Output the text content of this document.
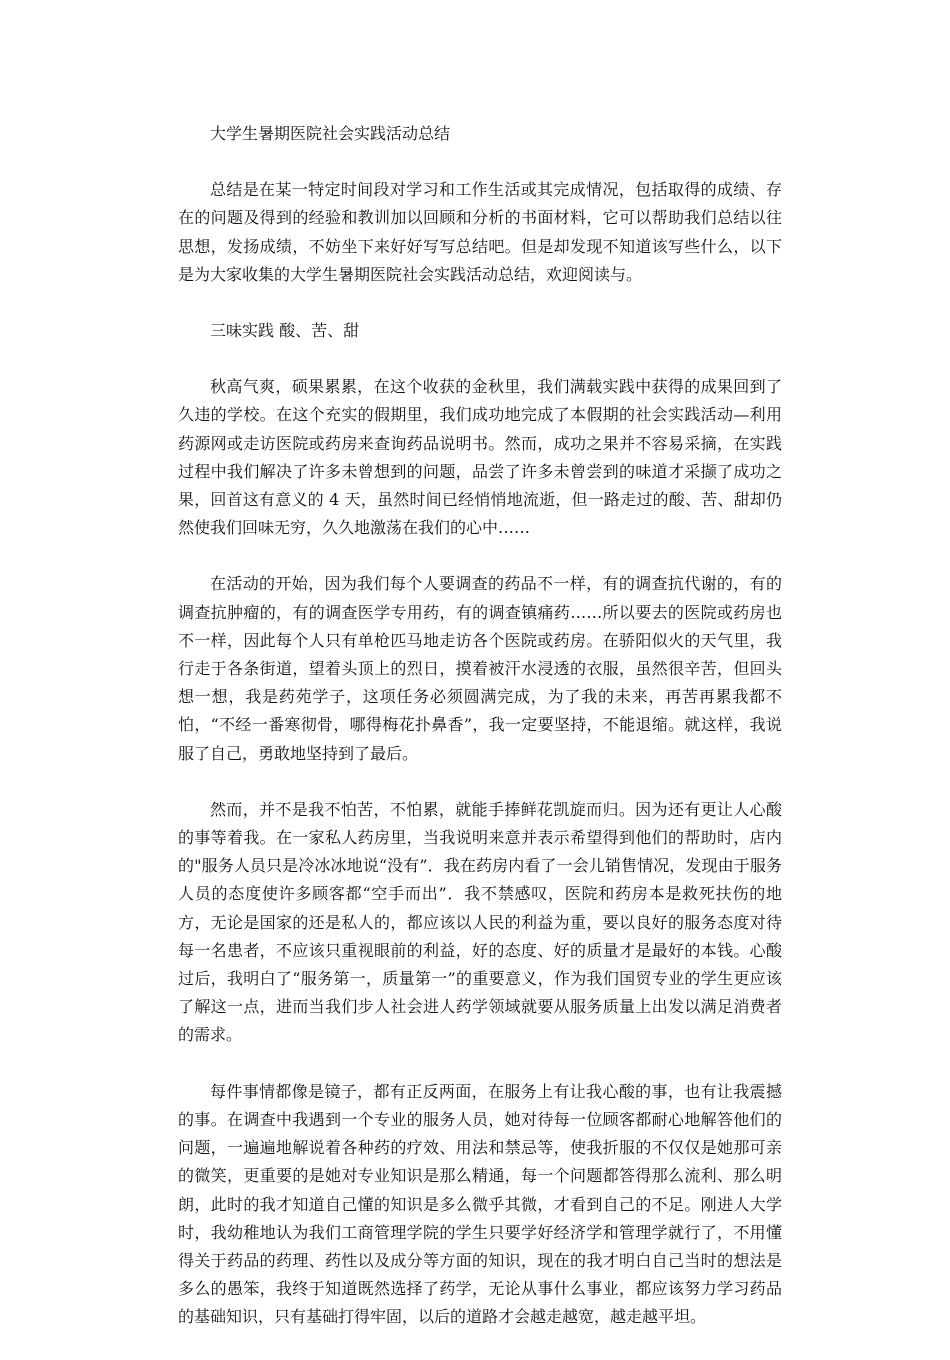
大学生暑期医院社会实践活动总结

总结是在某一特定时间段对学习和工作生活或其完成情况，包括取得的成绩、存在的问题及得到的经验和教训加以回顾和分析的书面材料，它可以帮助我们总结以往思想，发扬成绩，不妨坐下来好好写写总结吧。但是却发现不知道该写些什么，以下是为大家收集的大学生暑期医院社会实践活动总结，欢迎阅读与。

三味实践 酸、苦、甜

秋高气爽，硕果累累，在这个收获的金秋里，我们满载实践中获得的成果回到了久违的学校。在这个充实的假期里，我们成功地完成了本假期的社会实践活动—利用药源网或走访医院或药房来查询药品说明书。然而，成功之果并不容易采摘，在实践过程中我们解决了许多未曾想到的问题，品尝了许多未曾尝到的味道才采撷了成功之果，回首这有意义的 4 天，虽然时间已经悄悄地流逝，但一路走过的酸、苦、甜却仍然使我们回味无穷，久久地激荡在我们的心中……

在活动的开始，因为我们每个人要调查的药品不一样，有的调查抗代谢的，有的调查抗肿瘤的，有的调查医学专用药，有的调查镇痛药……所以要去的医院或药房也不一样，因此每个人只有单枪匹马地走访各个医院或药房。在骄阳似火的天气里，我行走于各条街道，望着头顶上的烈日，摸着被汗水浸透的衣服，虽然很辛苦，但回头想一想，我是药苑学子，这项任务必须圆满完成，为了我的未来，再苦再累我都不怕，“不经一番寒彻骨，哪得梅花扑鼻香”，我一定要坚持，不能退缩。就这样，我说服了自己，勇敢地坚持到了最后。

然而，并不是我不怕苦，不怕累，就能手捧鲜花凯旋而归。因为还有更让人心酸的事等着我。在一家私人药房里，当我说明来意并表示希望得到他们的帮助时，店内的"服务人员只是冷冰冰地说“没有”．我在药房内看了一会儿销售情况，发现由于服务人员的态度使许多顾客都“空手而出”．我不禁感叹，医院和药房本是救死扶伤的地方，无论是国家的还是私人的，都应该以人民的利益为重，要以良好的服务态度对待每一名患者，不应该只重视眼前的利益，好的态度、好的质量才是最好的本钱。心酸过后，我明白了“服务第一，质量第一”的重要意义，作为我们国贸专业的学生更应该了解这一点，进而当我们步人社会进人药学领域就要从服务质量上出发以满足消费者的需求。

每件事情都像是镜子，都有正反两面，在服务上有让我心酸的事，也有让我震撼的事。在调查中我遇到一个专业的服务人员，她对待每一位顾客都耐心地解答他们的问题，一遍遍地解说着各种药的疗效、用法和禁忌等，使我折服的不仅仅是她那可亲的微笑，更重要的是她对专业知识是那么精通，每一个问题都答得那么流利、那么明朗，此时的我才知道自己懂的知识是多么微乎其微，才看到自己的不足。刚进人大学时，我幼稚地认为我们工商管理学院的学生只要学好经济学和管理学就行了，不用懂得关于药品的药理、药性以及成分等方面的知识，现在的我才明白自己当时的想法是多么的愚笨，我终于知道既然选择了药学，无论从事什么事业，都应该努力学习药品的基础知识，只有基础打得牢固，以后的道路才会越走越宽，越走越平坦。
